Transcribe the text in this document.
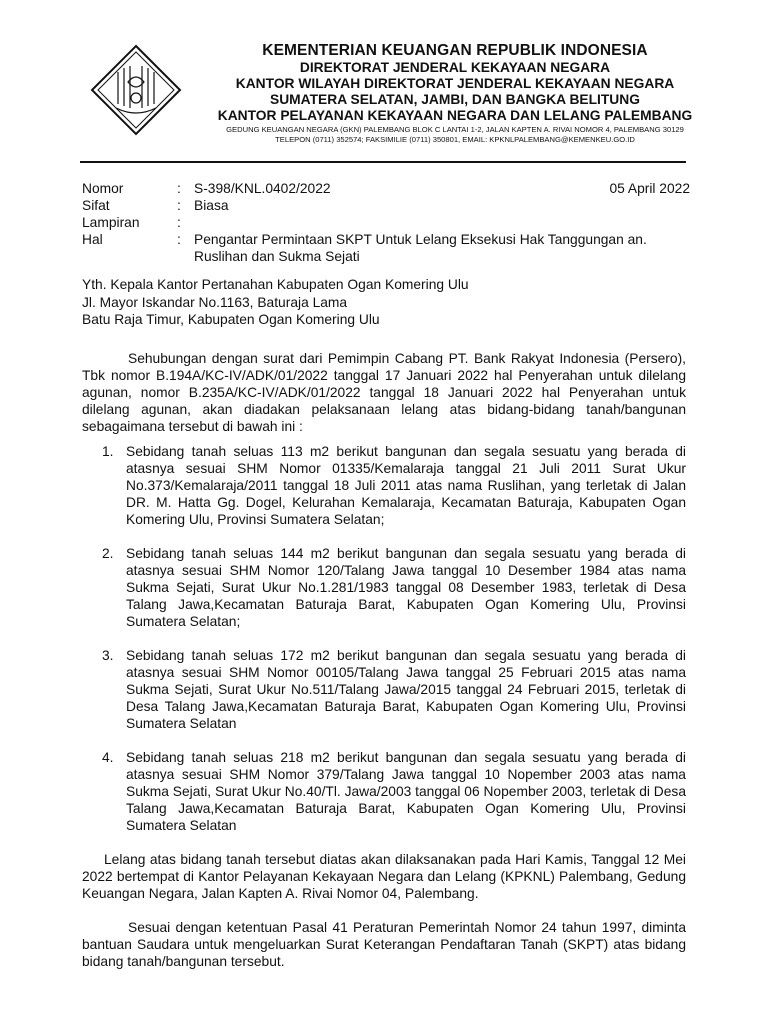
KEMENTERIAN KEUANGAN REPUBLIK INDONESIA
DIREKTORAT JENDERAL KEKAYAAN NEGARA
KANTOR WILAYAH DIREKTORAT JENDERAL KEKAYAAN NEGARA
SUMATERA SELATAN, JAMBI, DAN BANGKA BELITUNG
KANTOR PELAYANAN KEKAYAAN NEGARA DAN LELANG PALEMBANG
GEDUNG KEUANGAN NEGARA (GKN) PALEMBANG BLOK C LANTAI 1-2, JALAN KAPTEN A. RIVAI NOMOR 4, PALEMBANG 30129
TELEPON (0711) 352574; FAKSIMILIE (0711) 350801, EMAIL: KPKNLPALEMBANG@KEMENKEU.GO.ID
Nomor	: S-398/KNL.0402/2022	05 April 2022
Sifat	: Biasa
Lampiran	:
Hal	: Pengantar Permintaan SKPT Untuk Lelang Eksekusi Hak Tanggungan an. Ruslihan dan Sukma Sejati
Yth. Kepala Kantor Pertanahan Kabupaten Ogan Komering Ulu
Jl. Mayor Iskandar No.1163, Baturaja Lama
Batu Raja Timur, Kabupaten Ogan Komering Ulu

Sehubungan dengan surat dari Pemimpin Cabang PT. Bank Rakyat Indonesia (Persero), Tbk nomor B.194A/KC-IV/ADK/01/2022 tanggal 17 Januari 2022 hal Penyerahan untuk dilelang agunan, nomor B.235A/KC-IV/ADK/01/2022 tanggal 18 Januari 2022 hal Penyerahan untuk dilelang agunan, akan diadakan pelaksanaan lelang atas bidang-bidang tanah/bangunan sebagaimana tersebut di bawah ini :

1. Sebidang tanah seluas 113 m2 berikut bangunan dan segala sesuatu yang berada di atasnya sesuai SHM Nomor 01335/Kemalaraja tanggal 21 Juli 2011 Surat Ukur No.373/Kemalaraja/2011 tanggal 18 Juli 2011 atas nama Ruslihan, yang terletak di Jalan DR. M. Hatta Gg. Dogel, Kelurahan Kemalaraja, Kecamatan Baturaja, Kabupaten Ogan Komering Ulu, Provinsi Sumatera Selatan;
2. Sebidang tanah seluas 144 m2 berikut bangunan dan segala sesuatu yang berada di atasnya sesuai SHM Nomor 120/Talang Jawa tanggal 10 Desember 1984 atas nama Sukma Sejati, Surat Ukur No.1.281/1983 tanggal 08 Desember 1983, terletak di Desa Talang Jawa,Kecamatan Baturaja Barat, Kabupaten Ogan Komering Ulu, Provinsi Sumatera Selatan;
3. Sebidang tanah seluas 172 m2 berikut bangunan dan segala sesuatu yang berada di atasnya sesuai SHM Nomor 00105/Talang Jawa tanggal 25 Februari 2015 atas nama Sukma Sejati, Surat Ukur No.511/Talang Jawa/2015 tanggal 24 Februari 2015, terletak di Desa Talang Jawa,Kecamatan Baturaja Barat, Kabupaten Ogan Komering Ulu, Provinsi Sumatera Selatan
4. Sebidang tanah seluas 218 m2 berikut bangunan dan segala sesuatu yang berada di atasnya sesuai SHM Nomor 379/Talang Jawa tanggal 10 Nopember 2003 atas nama Sukma Sejati, Surat Ukur No.40/Tl. Jawa/2003 tanggal 06 Nopember 2003, terletak di Desa Talang Jawa,Kecamatan Baturaja Barat, Kabupaten Ogan Komering Ulu, Provinsi Sumatera Selatan

Lelang atas bidang tanah tersebut diatas akan dilaksanakan pada Hari Kamis, Tanggal 12 Mei 2022 bertempat di Kantor Pelayanan Kekayaan Negara dan Lelang (KPKNL) Palembang, Gedung Keuangan Negara, Jalan Kapten A. Rivai Nomor 04, Palembang.

Sesuai dengan ketentuan Pasal 41 Peraturan Pemerintah Nomor 24 tahun 1997, diminta bantuan Saudara untuk mengeluarkan Surat Keterangan Pendaftaran Tanah (SKPT) atas bidang bidang tanah/bangunan tersebut.
